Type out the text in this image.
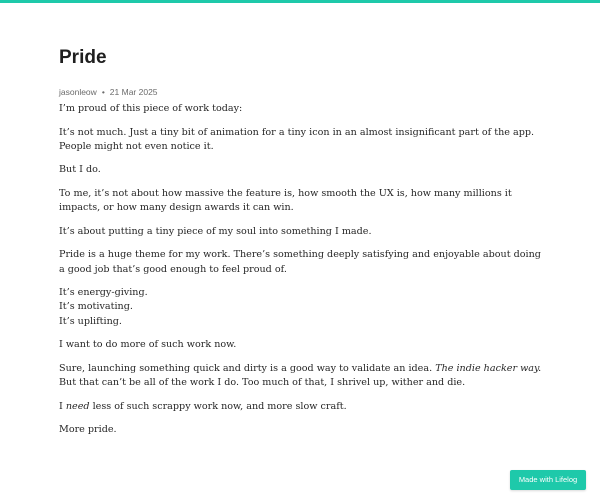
Pride
jasonleow • 21 Mar 2025

I’m proud of this piece of work today:

It’s not much. Just a tiny bit of animation for a tiny icon in an almost insignificant part of the app. People might not even notice it.

But I do.

To me, it’s not about how massive the feature is, how smooth the UX is, how many millions it impacts, or how many design awards it can win.

It’s about putting a tiny piece of my soul into something I made.

Pride is a huge theme for my work. There’s something deeply satisfying and enjoyable about doing a good job that’s good enough to feel proud of.

It’s energy-giving.
It’s motivating.
It’s uplifting.

I want to do more of such work now.

Sure, launching something quick and dirty is a good way to validate an idea. The indie hacker way. But that can’t be all of the work I do. Too much of that, I shrivel up, wither and die.

I need less of such scrappy work now, and more slow craft.

More pride.

Made with Lifelog
